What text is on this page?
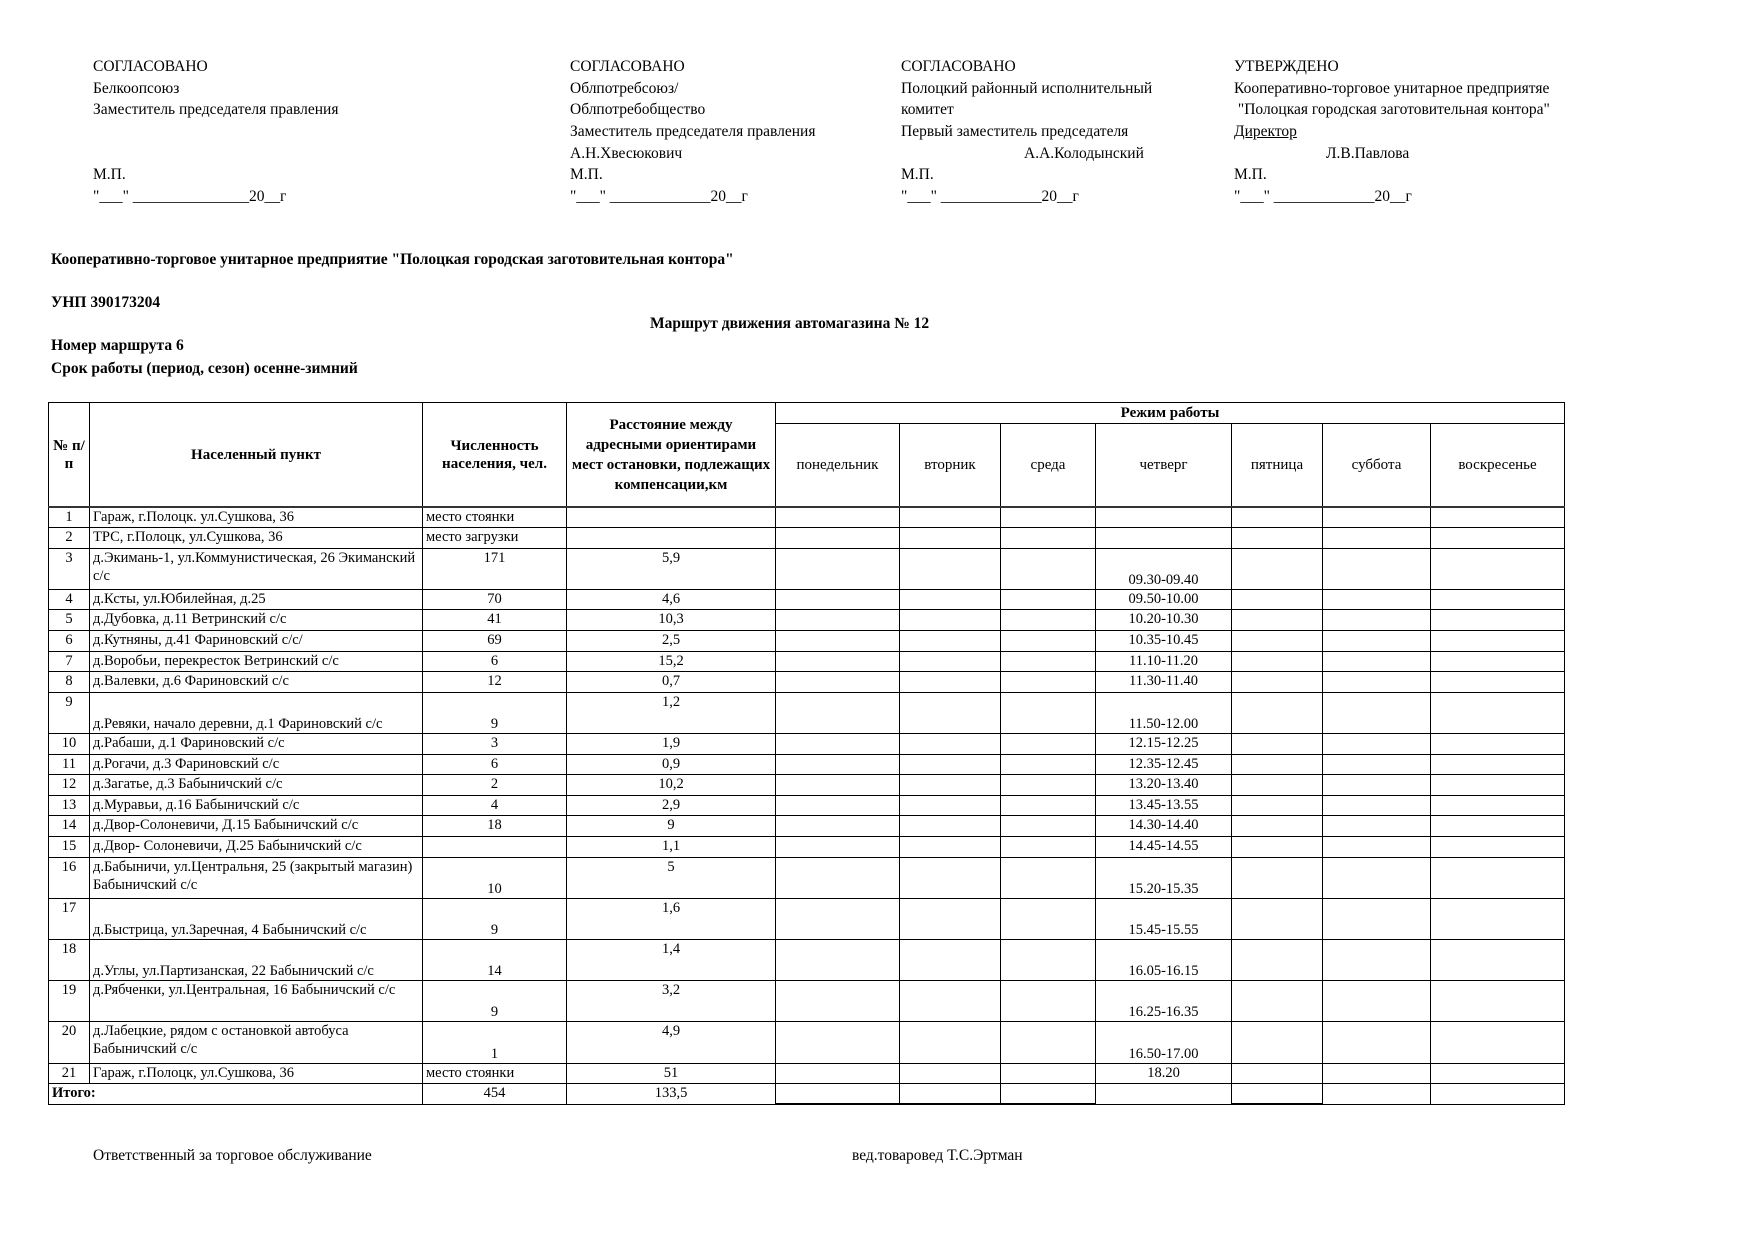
СОГЛАСОВАНО
Белкоопсоюз
Заместитель председателя правления
М.П.
"___" _______________20__г
СОГЛАСОВАНО
Облпотребсоюз/
Облпотребобщество
Заместитель председателя правления
А.Н.Хвесюкович
М.П.
"___" _____________20__г
СОГЛАСОВАНО
Полоцкий районный исполнительный
комитет
Первый заместитель председателя
А.А.Колодынский
М.П.
"___" _____________20__г
УТВЕРЖДЕНО
Кооперативно-торговое унитарное предприятяе
"Полоцкая городская заготовительная контора"
Директор
Л.В.Павлова
М.П.
"___" _____________20__г
Кооперативно-торговое унитарное предприятие "Полоцкая городская заготовительная контора"
УНП 390173204
Маршрут движения автомагазина № 12
Номер маршрута 6
Срок работы (период, сезон) осенне-зимний
№ п/п	Населенный пункт	Численность населения, чел.	Расстояние между адресными ориентирами мест остановки, подлежащих компенсации,км	Режим работы						
				понедельник	вторник	среда	четверг	пятница	суббота	воскресенье
1	Гараж, г.Полоцк. ул.Сушкова, 36	место стоянки								
2	ТРС, г.Полоцк, ул.Сушкова, 36	место загрузки								
3	д.Экимань-1, ул.Коммунистическая, 26 Экиманский с/с	171	5,9				09.30-09.40			
4	д.Ксты, ул.Юбилейная, д.25	70	4,6				09.50-10.00			
5	д.Дубовка, д.11 Ветринский с/с	41	10,3				10.20-10.30			
6	д.Кутняны, д.41 Фариновский с/с/	69	2,5				10.35-10.45			
7	д.Воробьи, перекресток Ветринский с/с	6	15,2				11.10-11.20			
8	д.Валевки, д.6 Фариновский с/с	12	0,7				11.30-11.40			
9	д.Ревяки, начало деревни, д.1 Фариновский с/с	9	1,2				11.50-12.00			
10	д.Рабаши, д.1 Фариновский с/с	3	1,9				12.15-12.25			
11	д.Рогачи, д.3 Фариновский с/с	6	0,9				12.35-12.45			
12	д.Загатье, д.3 Бабыничский с/с	2	10,2				13.20-13.40			
13	д.Муравьи, д.16 Бабыничский с/с	4	2,9				13.45-13.55			
14	д.Двор-Солоневичи, Д.15 Бабыничский с/с	18	9				14.30-14.40			
15	д.Двор- Солоневичи, Д.25 Бабыничский с/с		1,1				14.45-14.55			
16	д.Бабыничи, ул.Центральня, 25 (закрытый магазин) Бабыничский с/с	10	5				15.20-15.35			
17	д.Быстрица, ул.Заречная, 4 Бабыничский с/с	9	1,6				15.45-15.55			
18	д.Углы, ул.Партизанская, 22 Бабыничский с/с	14	1,4				16.05-16.15			
19	д.Рябченки, ул.Центральная, 16 Бабыничский с/с	9	3,2				16.25-16.35			
20	д.Лабецкие, рядом с остановкой автобуса Бабыничский с/с	1	4,9				16.50-17.00			
21	Гараж, г.Полоцк, ул.Сушкова, 36	место стоянки	51				18.20			
Итого:		454	133,5							
Ответственный за торговое обслуживание	вед.товаровед Т.С.Эртман
